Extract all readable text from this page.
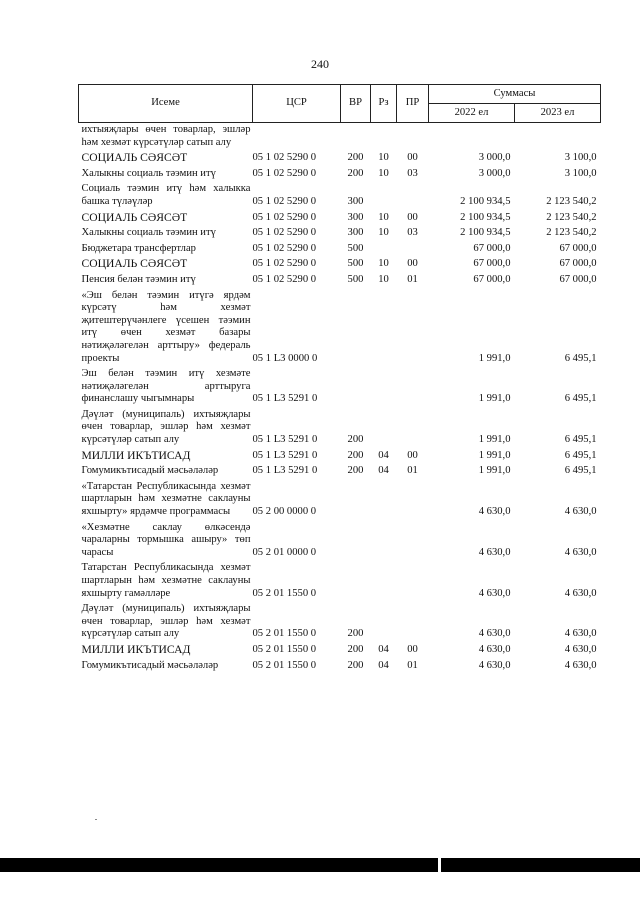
240
Исеме	ЦСР	ВР	Рз	ПР	Суммасы	
					2022 ел	2023 ел
ихтыяҗлары өчен товарлар, эшләр һәм хезмәт күрсәтүләр сатып алу						
СОЦИАЛЬ СӘЯСӘТ	05 1 02 5290 0	200	10	00	3 000,0	3 100,0
Халыкны социаль тәэмин итү	05 1 02 5290 0	200	10	03	3 000,0	3 100,0
Социаль тәэмин итү һәм халыкка башка түләүләр	05 1 02 5290 0	300			2 100 934,5	2 123 540,2
СОЦИАЛЬ СӘЯСӘТ	05 1 02 5290 0	300	10	00	2 100 934,5	2 123 540,2
Халыкны социаль тәэмин итү	05 1 02 5290 0	300	10	03	2 100 934,5	2 123 540,2
Бюджетара трансфертлар	05 1 02 5290 0	500			67 000,0	67 000,0
СОЦИАЛЬ СӘЯСӘТ	05 1 02 5290 0	500	10	00	67 000,0	67 000,0
Пенсия белән тәэмин итү	05 1 02 5290 0	500	10	01	67 000,0	67 000,0
«Эш белән тәэмин итүгә ярдәм күрсәтү һәм хезмәт җитештерүчәнлеге үсешен тәэмин итү өчен хезмәт базары нәтиҗәләгелән арттыру» федераль проекты	05 1 L3 0000 0				1 991,0	6 495,1
Эш белән тәэмин итү хезмәте нәтиҗәләгелән арттыруга финанслашу чыгымнары	05 1 L3 5291 0				1 991,0	6 495,1
Дәүләт (муниципаль) ихтыяҗлары өчен товарлар, эшләр һәм хезмәт күрсәтүләр сатып алу	05 1 L3 5291 0	200			1 991,0	6 495,1
МИЛЛИ ИКЪТИСАД	05 1 L3 5291 0	200	04	00	1 991,0	6 495,1
Гомумикътисадый мәсьәләләр	05 1 L3 5291 0	200	04	01	1 991,0	6 495,1
«Татарстан Республикасында хезмәт шартларын һәм хезмәтне саклауны яхшырту» ярдәмче программасы	05 2 00 0000 0				4 630,0	4 630,0
«Хезмәтне саклау өлкәсендә чараларны тормышка ашыру» төп чарасы	05 2 01 0000 0				4 630,0	4 630,0
Татарстан Республикасында хезмәт шартларын һәм хезмәтне саклауны яхшырту гамәлләре	05 2 01 1550 0				4 630,0	4 630,0
Дәүләт (муниципаль) ихтыяҗлары өчен товарлар, эшләр һәм хезмәт күрсәтүләр сатып алу	05 2 01 1550 0	200			4 630,0	4 630,0
МИЛЛИ ИКЪТИСАД	05 2 01 1550 0	200	04	00	4 630,0	4 630,0
Гомумикътисадый мәсьәләләр	05 2 01 1550 0	200	04	01	4 630,0	4 630,0
